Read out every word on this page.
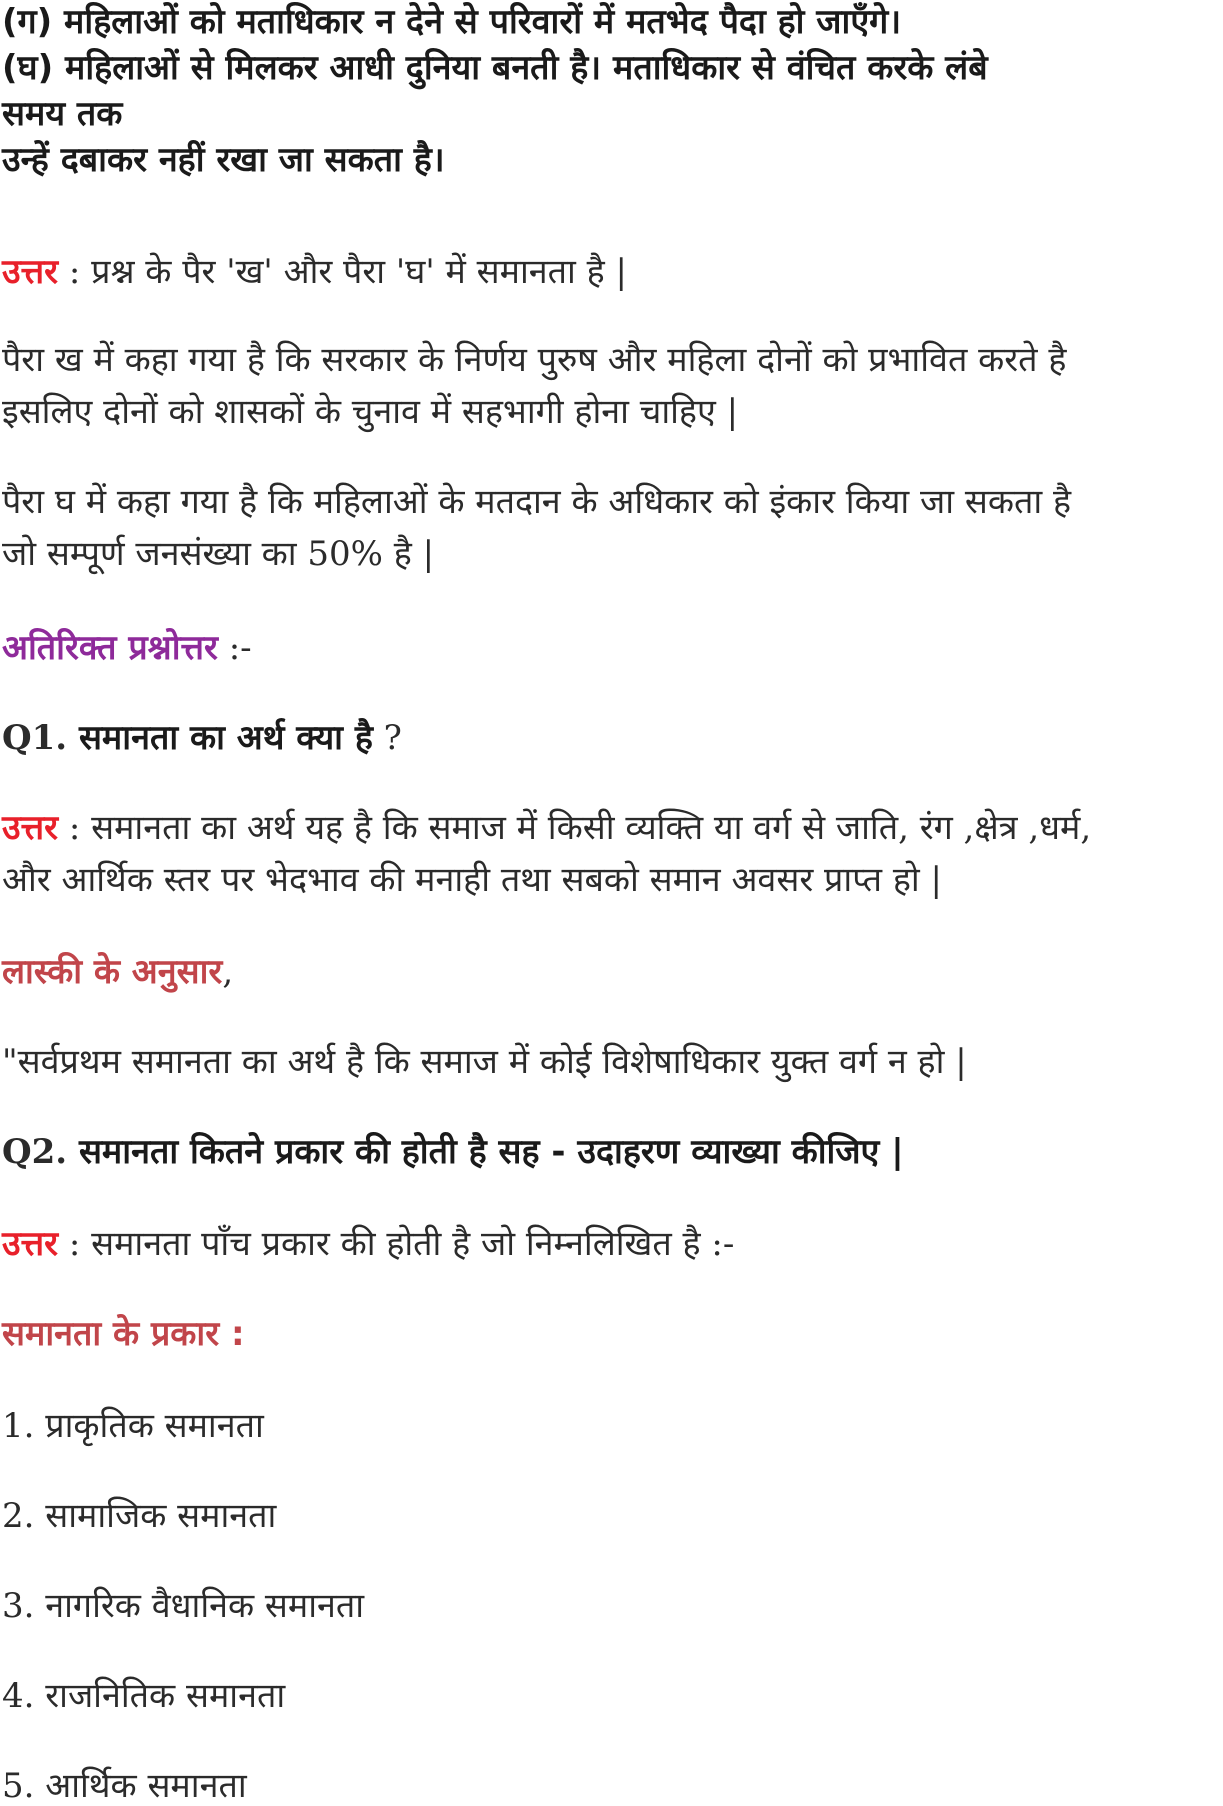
(ग) महिलाओं को मताधिकार न देने से परिवारों में मतभेद पैदा हो जाएँगे।
(घ) महिलाओं से मिलकर आधी दुनिया बनती है। मताधिकार से वंचित करके लंबे
समय तक
उन्हें दबाकर नहीं रखा जा सकता है।
उत्तर : प्रश्न के पैर 'ख' और पैरा 'घ' में समानता है |
पैरा ख में कहा गया है कि सरकार के निर्णय पुरुष और महिला दोनों को प्रभावित करते है
इसलिए दोनों को शासकों के चुनाव में सहभागी होना चाहिए |
पैरा घ में कहा गया है कि महिलाओं के मतदान के अधिकार को इंकार किया जा सकता है
जो सम्पूर्ण जनसंख्या का 50% है |
अतिरिक्त प्रश्नोत्तर :-
Q1. समानता का अर्थ क्या है ?
उत्तर : समानता का अर्थ यह है कि समाज में किसी व्यक्ति या वर्ग से जाति, रंग ,क्षेत्र ,धर्म,
और आर्थिक स्तर पर भेदभाव की मनाही तथा सबको समान अवसर प्राप्त हो |
लास्की के अनुसार,
"सर्वप्रथम समानता का अर्थ है कि समाज में कोई विशेषाधिकार युक्त वर्ग न हो |
Q2. समानता कितने प्रकार की होती है सह - उदाहरण व्याख्या कीजिए |
उत्तर : समानता पाँच प्रकार की होती है जो निम्नलिखित है :-
समानता के प्रकार :
1. प्राकृतिक समानता
2. सामाजिक समानता
3. नागरिक वैधानिक समानता
4. राजनितिक समानता
5. आर्थिक समानता
